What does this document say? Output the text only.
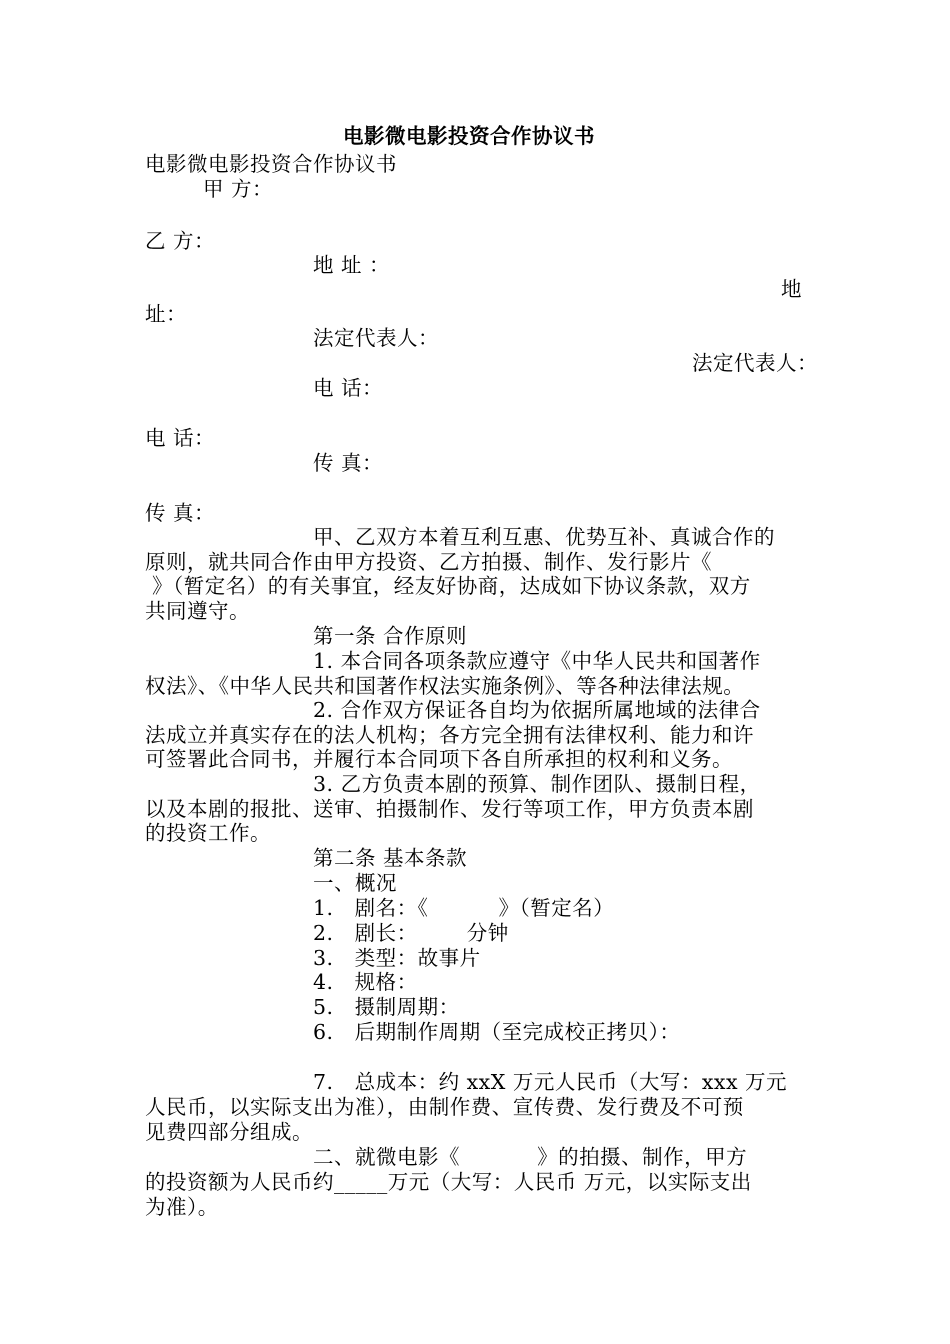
电影微电影投资合作协议书
电影微电影投资合作协议书
甲 方：
乙 方：
地 址 ：
地
址：
法定代表人：
法定代表人：
电 话：
电 话：
传 真：
传 真：
甲、乙双方本着互利互惠、优势互补、真诚合作的
原则，就共同合作由甲方投资、乙方拍摄、制作、发行影片《
》（暂定名）的有关事宜，经友好协商，达成如下协议条款，双方
共同遵守。
第一条 合作原则
1. 本合同各项条款应遵守《中华人民共和国著作
权法》、《中华人民共和国著作权法实施条例》、等各种法律法规。
2. 合作双方保证各自均为依据所属地域的法律合
法成立并真实存在的法人机构；各方完全拥有法律权利、能力和许
可签署此合同书，并履行本合同项下各自所承担的权利和义务。
3. 乙方负责本剧的预算、制作团队、摄制日程，
以及本剧的报批、送审、拍摄制作、发行等项工作，甲方负责本剧
的投资工作。
第二条 基本条款
一、概况
1.   剧名：《          》（暂定名）
2.   剧长：       分钟
3.   类型：故事片
4.   规格：
5.   摄制周期：
6.   后期制作周期（至完成校正拷贝）：
7.   总成本：约 xxX 万元人民币（大写：xxx 万元
人民币，以实际支出为准），由制作费、宣传费、发行费及不可预
见费四部分组成。
二、就微电影《           》的拍摄、制作，甲方
的投资额为人民币约_____万元（大写：人民币 万元，以实际支出
为准）。
